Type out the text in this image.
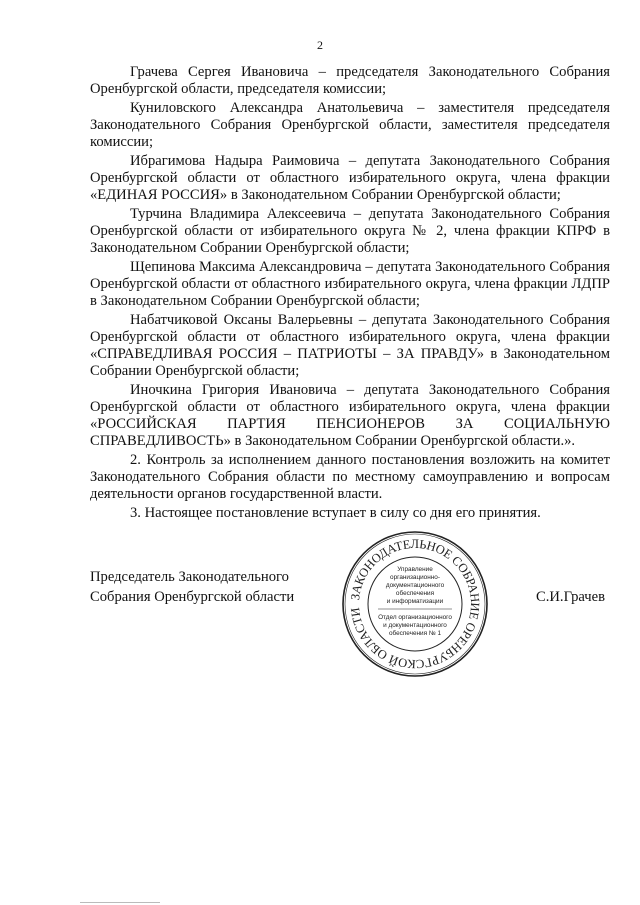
2

Грачева Сергея Ивановича – председателя Законодательного Собрания Оренбургской области, председателя комиссии;

Куниловского Александра Анатольевича – заместителя председателя Законодательного Собрания Оренбургской области, заместителя председателя комиссии;

Ибрагимова Надыра Раимовича – депутата Законодательного Собрания Оренбургской области от областного избирательного округа, члена фракции «ЕДИНАЯ РОССИЯ» в Законодательном Собрании Оренбургской области;

Турчина Владимира Алексеевича – депутата Законодательного Собрания Оренбургской области от избирательного округа № 2, члена фракции КПРФ в Законодательном Собрании Оренбургской области;

Щепинова Максима Александровича – депутата Законодательного Собрания Оренбургской области от областного избирательного округа, члена фракции ЛДПР в Законодательном Собрании Оренбургской области;

Набатчиковой Оксаны Валерьевны – депутата Законодательного Собрания Оренбургской области от областного избирательного округа, члена фракции «СПРАВЕДЛИВАЯ РОССИЯ – ПАТРИОТЫ – ЗА ПРАВДУ» в Законодательном Собрании Оренбургской области;

Иночкина Григория Ивановича – депутата Законодательного Собрания Оренбургской области от областного избирательного округа, члена фракции «РОССИЙСКАЯ ПАРТИЯ ПЕНСИОНЕРОВ ЗА СОЦИАЛЬНУЮ СПРАВЕДЛИВОСТЬ» в Законодательном Собрании Оренбургской области.».

2. Контроль за исполнением данного постановления возложить на комитет Законодательного Собрания области по местному самоуправлению и вопросам деятельности органов государственной власти.

3. Настоящее постановление вступает в силу со дня его принятия.

Председатель Законодательного
Собрания Оренбургской области	ЗАКОНОДАТЕЛЬНОЕ СОБРАНИЕ ОРЕНБУРГСКОЙ ОБЛАСТИ
Управление
организационно-
документационного
обеспечения
и информатизации
Отдел организационного
и документационного
обеспечения № 1
С.И.Грачев
